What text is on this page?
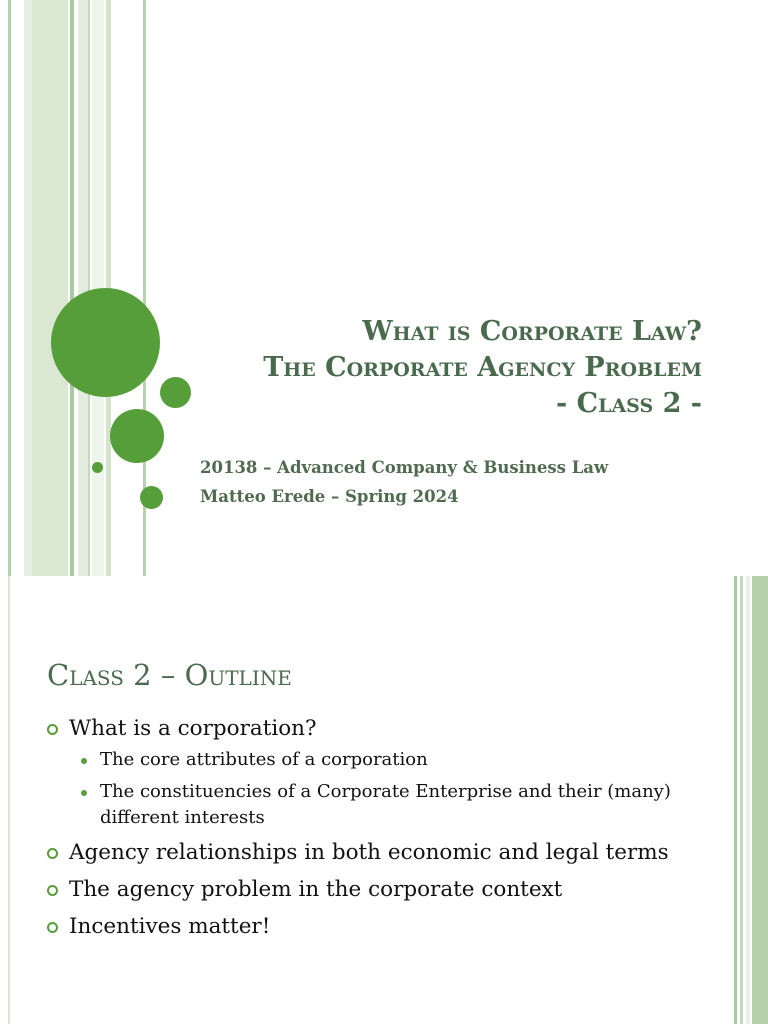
What is Corporate Law?
The Corporate Agency Problem
- Class 2 -
20138 – Advanced Company & Business Law
Matteo Erede – Spring 2024
Class 2 – Outline
What is a corporation?
The core attributes of a corporation
The constituencies of a Corporate Enterprise and their (many) different interests
Agency relationships in both economic and legal terms
The agency problem in the corporate context
Incentives matter!
